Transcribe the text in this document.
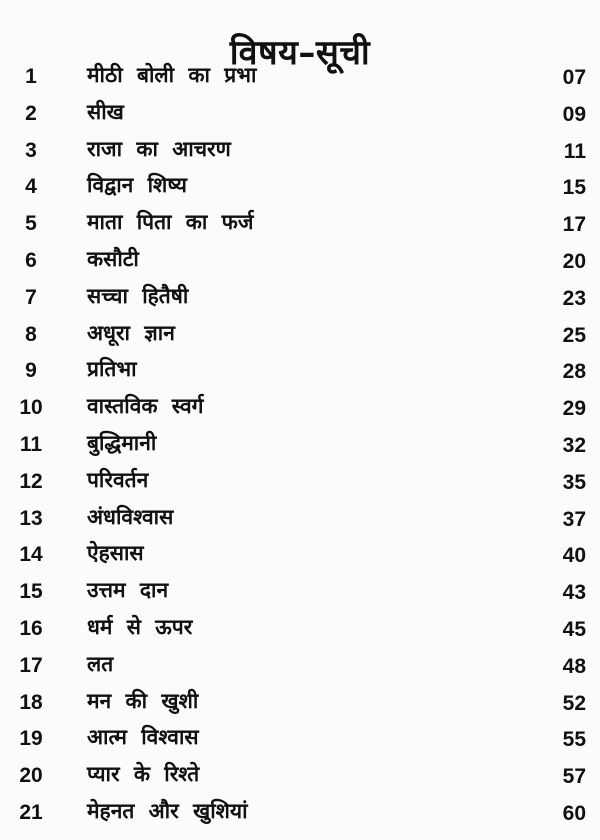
विषय–सूची
1	मीठी बोली का प्रभा	07
2	सीख	09
3	राजा का आचरण	11
4	विद्वान शिष्य	15
5	माता पिता का फर्ज	17
6	कसौटी	20
7	सच्चा हितैषी	23
8	अधूरा ज्ञान	25
9	प्रतिभा	28
10	वास्तविक स्वर्ग	29
11	बुद्धिमानी	32
12	परिवर्तन	35
13	अंधविश्वास	37
14	ऐहसास	40
15	उत्तम दान	43
16	धर्म से ऊपर	45
17	लत	48
18	मन की खुशी	52
19	आत्म विश्वास	55
20	प्यार के रिश्ते	57
21	मेहनत और खुशियां	60
